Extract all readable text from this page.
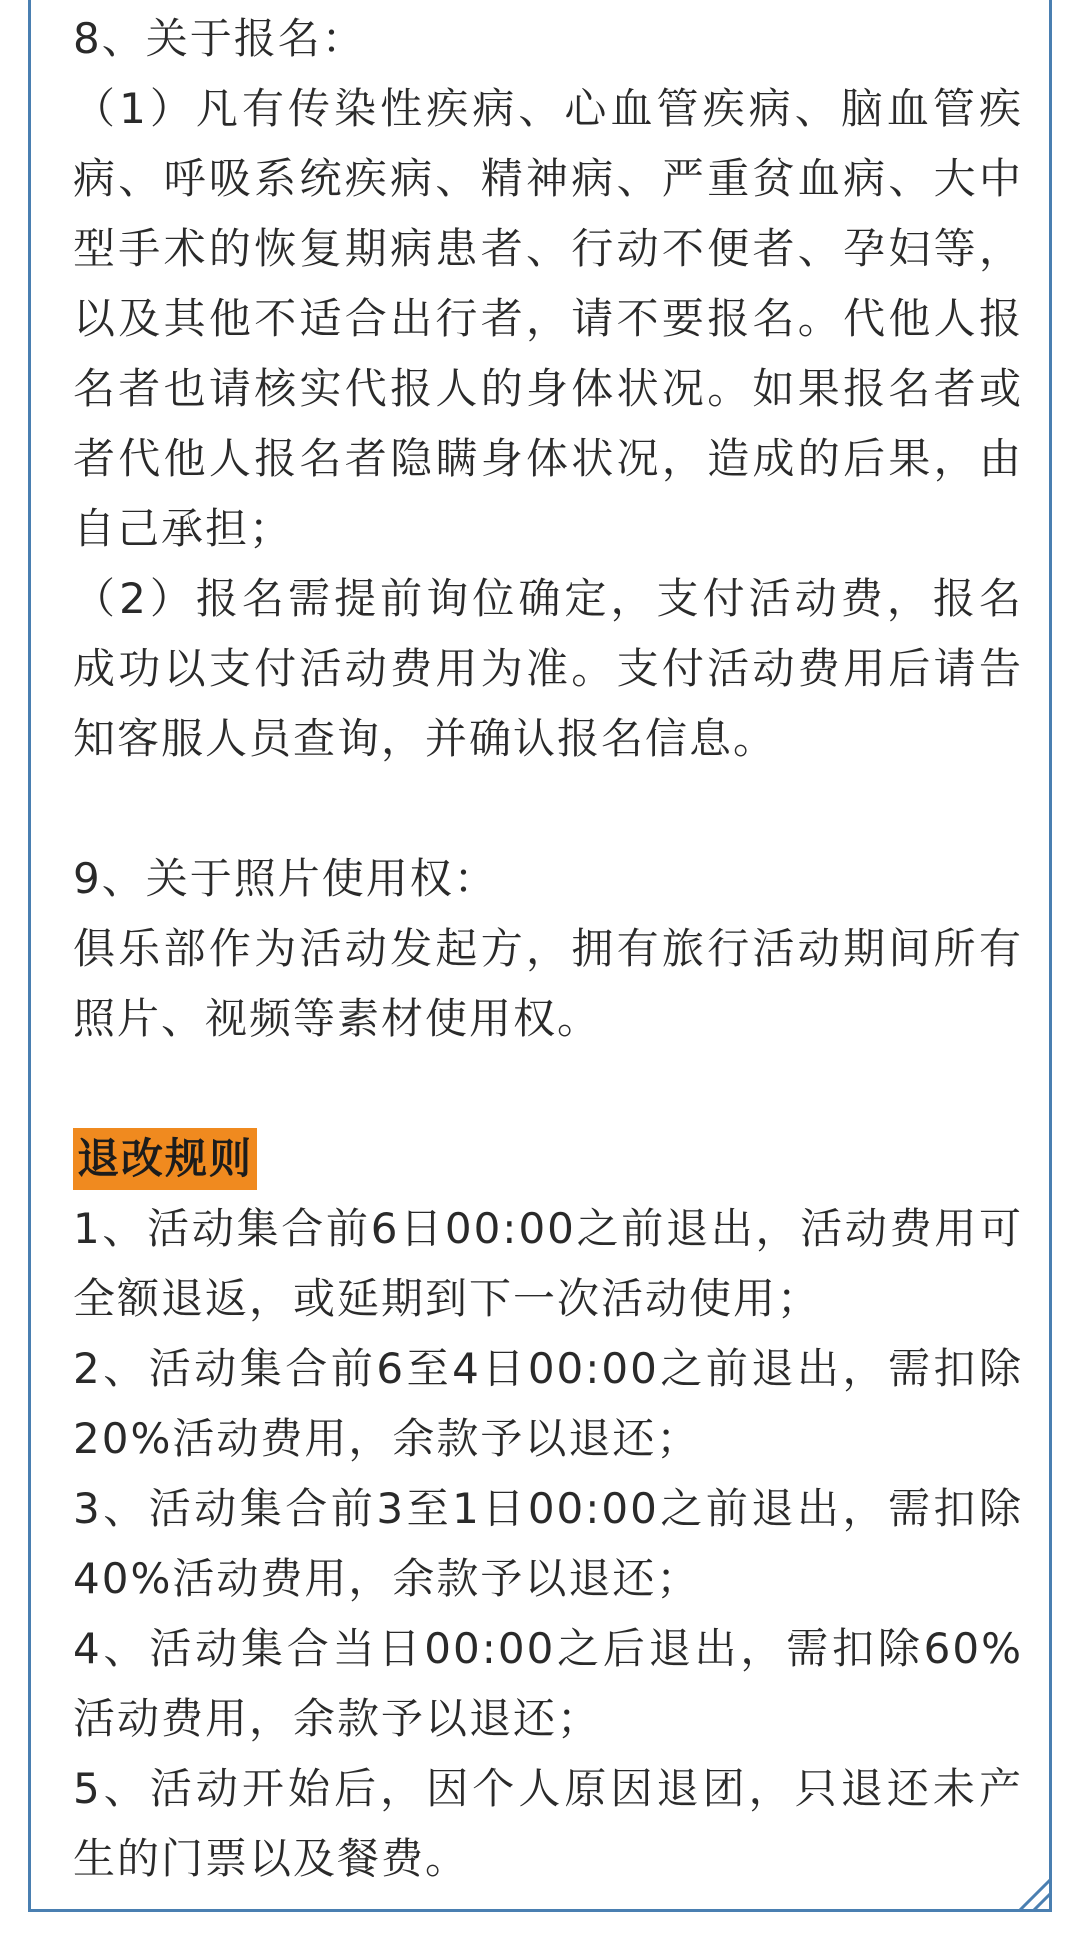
8、关于报名：

（1）凡有传染性疾病、心血管疾病、脑血管疾病、呼吸系统疾病、精神病、严重贫血病、大中型手术的恢复期病患者、行动不便者、孕妇等，以及其他不适合出行者，请不要报名。代他人报名者也请核实代报人的身体状况。如果报名者或者代他人报名者隐瞒身体状况，造成的后果，由自己承担；

（2）报名需提前询位确定，支付活动费，报名成功以支付活动费用为准。支付活动费用后请告知客服人员查询，并确认报名信息。

9、关于照片使用权：

俱乐部作为活动发起方，拥有旅行活动期间所有照片、视频等素材使用权。

退改规则

1、活动集合前6日00:00之前退出，活动费用可全额退返，或延期到下一次活动使用；

2、活动集合前6至4日00:00之前退出，需扣除20%活动费用，余款予以退还；

3、活动集合前3至1日00:00之前退出，需扣除40%活动费用，余款予以退还；

4、活动集合当日00:00之后退出，需扣除60%活动费用，余款予以退还；

5、活动开始后，因个人原因退团，只退还未产生的门票以及餐费。
